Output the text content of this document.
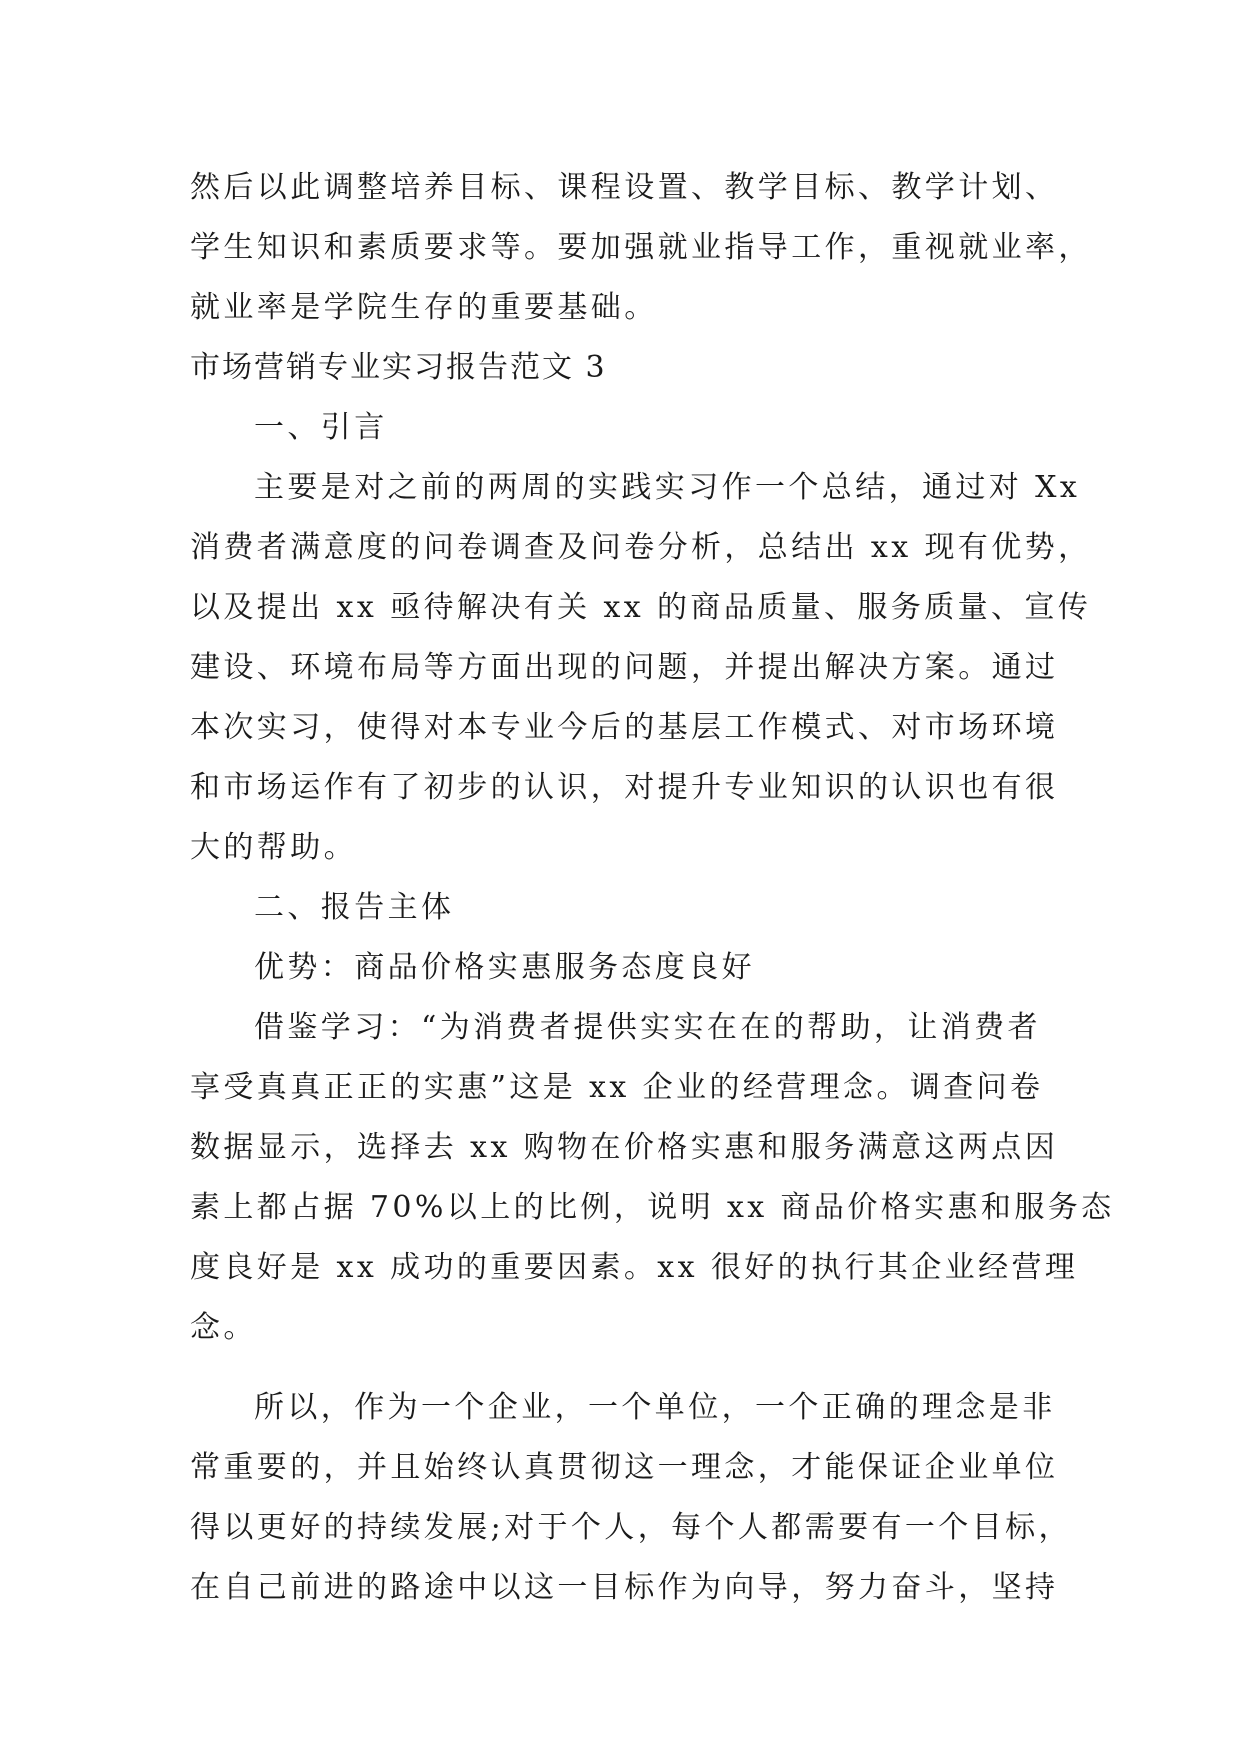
然后以此调整培养目标、课程设置、教学目标、教学计划、

学生知识和素质要求等。要加强就业指导工作，重视就业率，

就业率是学院生存的重要基础。

市场营销专业实习报告范文 3

一、引言

主要是对之前的两周的实践实习作一个总结，通过对 Xx

消费者满意度的问卷调查及问卷分析，总结出 xx 现有优势，

以及提出 xx 亟待解决有关 xx 的商品质量、服务质量、宣传

建设、环境布局等方面出现的问题，并提出解决方案。通过

本次实习，使得对本专业今后的基层工作模式、对市场环境

和市场运作有了初步的认识，对提升专业知识的认识也有很

大的帮助。

二、报告主体

优势：商品价格实惠服务态度良好

借鉴学习：“为消费者提供实实在在的帮助，让消费者

享受真真正正的实惠”这是 xx 企业的经营理念。调查问卷

数据显示，选择去 xx 购物在价格实惠和服务满意这两点因

素上都占据 70%以上的比例，说明 xx 商品价格实惠和服务态

度良好是 xx 成功的重要因素。xx 很好的执行其企业经营理

念。

所以，作为一个企业，一个单位，一个正确的理念是非

常重要的，并且始终认真贯彻这一理念，才能保证企业单位

得以更好的持续发展;对于个人，每个人都需要有一个目标，

在自己前进的路途中以这一目标作为向导，努力奋斗，坚持
